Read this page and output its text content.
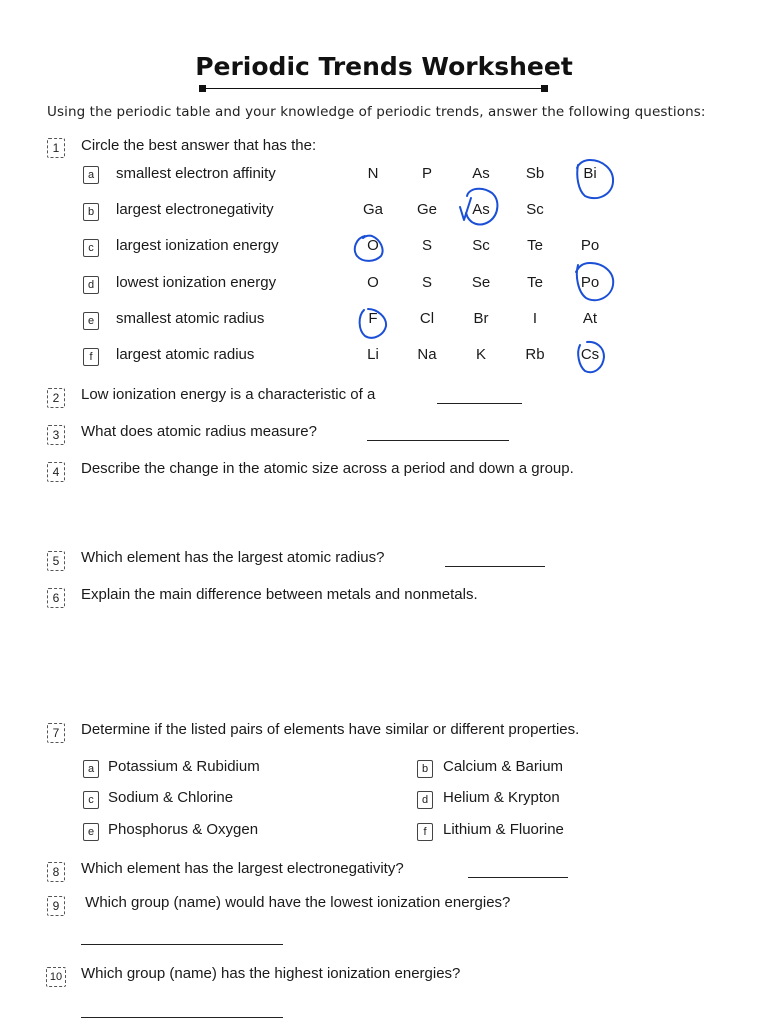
Periodic Trends Worksheet
Using the periodic table and your knowledge of periodic trends, answer the following questions:
1	Circle the best answer that has the:
a	smallest electron affinity	N	P	As	Sb	Bi
b	largest electronegativity	Ga	Ge	As	Sc
c	largest ionization energy	O	S	Sc	Te	Po
d	lowest ionization energy	O	S	Se	Te	Po
e	smallest atomic radius	F	Cl	Br	I	At
f	largest atomic radius	Li	Na	K	Rb	Cs
2	Low ionization energy is a characteristic of a
3	What does atomic radius measure?
4	Describe the change in the atomic size across a period and down a group.
5	Which element has the largest atomic radius?
6	Explain the main difference between metals and nonmetals.
7	Determine if the listed pairs of elements have similar or different properties.
a Potassium & Rubidium	b Calcium & Barium
c Sodium & Chlorine	d Helium & Krypton
e Phosphorus & Oxygen	f	Lithium & Fluorine
8	Which element has the largest electronegativity?
9	Which group (name) would have the lowest ionization energies?
10 Which group (name) has the highest ionization energies?
